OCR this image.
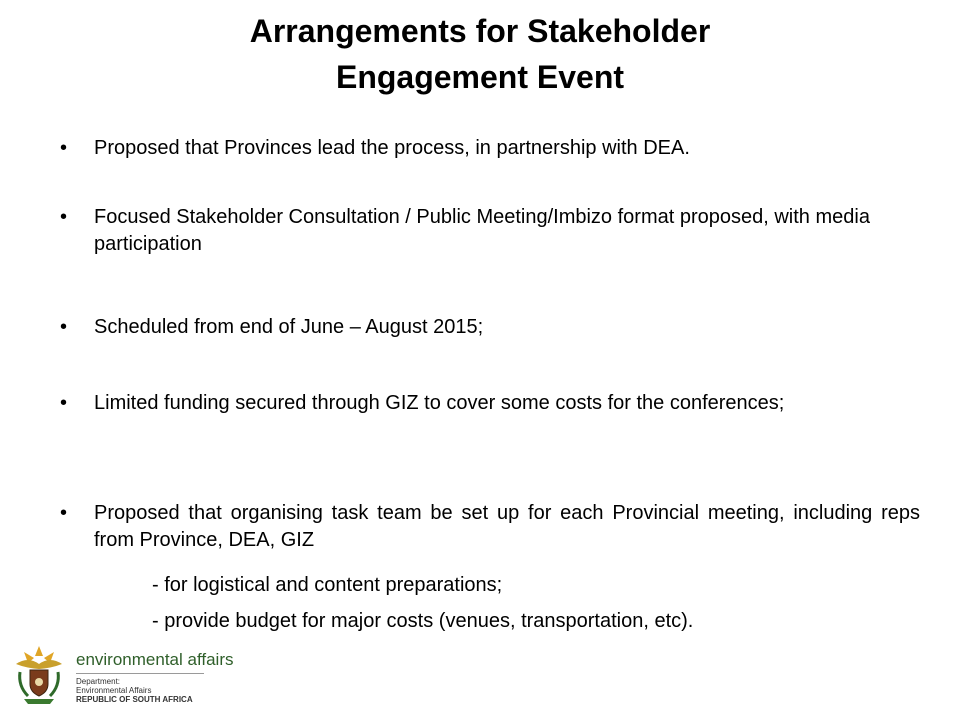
Arrangements for Stakeholder
Engagement Event
•	Proposed that Provinces lead the process, in partnership with DEA.
•	Focused Stakeholder Consultation / Public Meeting/Imbizo format proposed, with media participation
•	Scheduled from end of June – August 2015;
•	Limited funding secured through GIZ to cover some costs for the conferences;
•	Proposed that organising task team be set up for each Provincial meeting, including reps from Province, DEA, GIZ
- for logistical and content preparations;
- provide budget for major costs (venues, transportation, etc).
environmental affairs
Department:
Environmental Affairs
REPUBLIC OF SOUTH AFRICA
